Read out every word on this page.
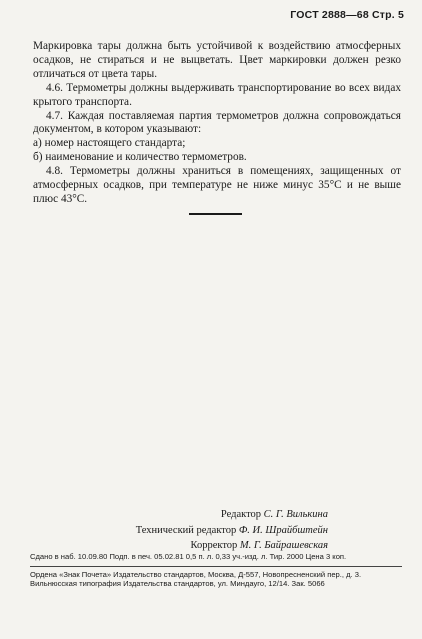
ГОСТ 2888—68 Стр. 5

Маркировка тары должна быть устойчивой к воздействию атмосферных осадков, не стираться и не выцветать. Цвет маркировки должен резко отличаться от цвета тары.

4.6. Термометры должны выдерживать транспортирование во всех видах крытого транспорта.

4.7. Каждая поставляемая партия термометров должна сопровождаться документом, в котором указывают:

а) номер настоящего стандарта;
б) наименование и количество термометров.

4.8. Термометры должны храниться в помещениях, защищенных от атмосферных осадков, при температуре не ниже минус 35°C и не выше плюс 43°C.

Редактор С. Г. Вилькина
Технический редактор Ф. И. Шрайбштейн
Корректор М. Г. Байрашевская
Сдано в наб. 10.09.80 Подп. в печ. 05.02.81 0,5 п. л. 0,33 уч.-изд. л. Тир. 2000 Цена 3 коп.
Ордена «Знак Почета» Издательство стандартов, Москва, Д-557, Новопресненский пер., д. 3.
Вильнюсская типография Издательства стандартов, ул. Миндауго, 12/14. Зак. 5066
